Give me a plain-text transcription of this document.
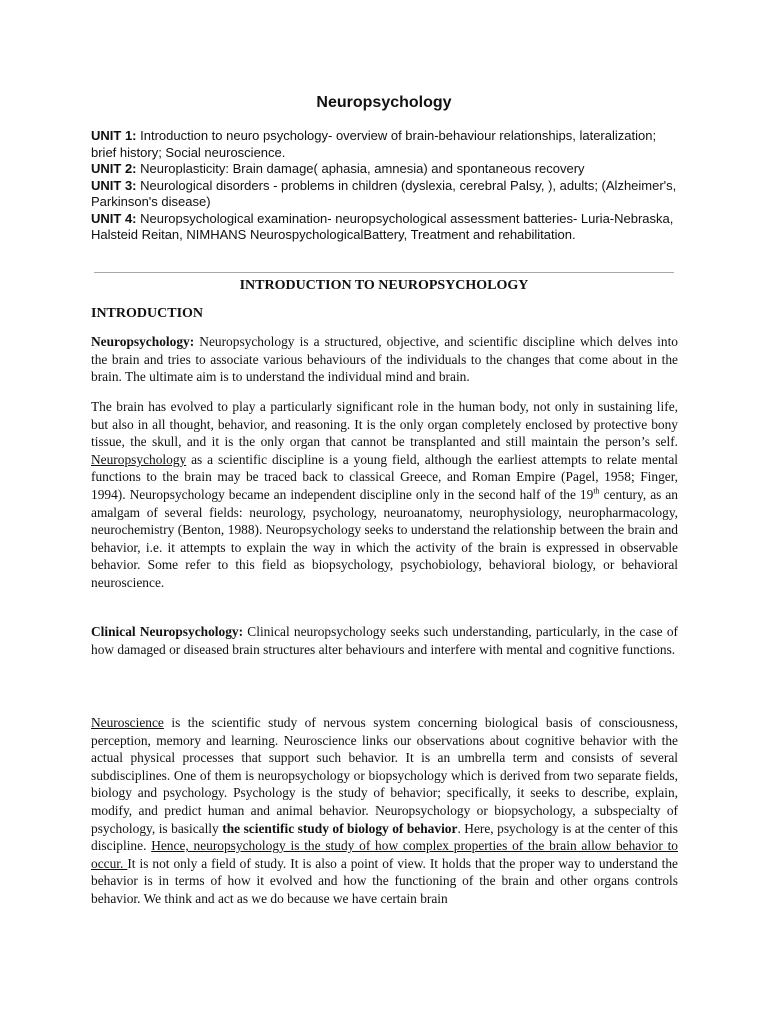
Neuropsychology

UNIT 1: Introduction to neuro psychology- overview of brain-behaviour relationships, lateralization; brief history; Social neuroscience.

UNIT 2: Neuroplasticity: Brain damage( aphasia, amnesia) and spontaneous recovery

UNIT 3: Neurological disorders - problems in children (dyslexia, cerebral Palsy, ), adults; (Alzheimer's, Parkinson's disease)

UNIT 4: Neuropsychological examination- neuropsychological assessment batteries- Luria-Nebraska, Halsteid Reitan, NIMHANS NeurospychologicalBattery, Treatment and rehabilitation.

INTRODUCTION TO NEUROPSYCHOLOGY
INTRODUCTION

Neuropsychology: Neuropsychology is a structured, objective, and scientific discipline which delves into the brain and tries to associate various behaviours of the individuals to the changes that come about in the brain. The ultimate aim is to understand the individual mind and brain.

The brain has evolved to play a particularly significant role in the human body, not only in sustaining life, but also in all thought, behavior, and reasoning. It is the only organ completely enclosed by protective bony tissue, the skull, and it is the only organ that cannot be transplanted and still maintain the person’s self. Neuropsychology as a scientific discipline is a young field, although the earliest attempts to relate mental functions to the brain may be traced back to classical Greece, and Roman Empire (Pagel, 1958; Finger, 1994). Neuropsychology became an independent discipline only in the second half of the 19th century, as an amalgam of several fields: neurology, psychology, neuroanatomy, neurophysiology, neuropharmacology, neurochemistry (Benton, 1988). Neuropsychology seeks to understand the relationship between the brain and behavior, i.e. it attempts to explain the way in which the activity of the brain is expressed in observable behavior. Some refer to this field as biopsychology, psychobiology, behavioral biology, or behavioral neuroscience.

Clinical Neuropsychology: Clinical neuropsychology seeks such understanding, particularly, in the case of how damaged or diseased brain structures alter behaviours and interfere with mental and cognitive functions.

Neuroscience is the scientific study of nervous system concerning biological basis of consciousness, perception, memory and learning. Neuroscience links our observations about cognitive behavior with the actual physical processes that support such behavior. It is an umbrella term and consists of several subdisciplines. One of them is neuropsychology or biopsychology which is derived from two separate fields, biology and psychology. Psychology is the study of behavior; specifically, it seeks to describe, explain, modify, and predict human and animal behavior. Neuropsychology or biopsychology, a subspecialty of psychology, is basically the scientific study of biology of behavior. Here, psychology is at the center of this discipline. Hence, neuropsychology is the study of how complex properties of the brain allow behavior to occur. It is not only a field of study. It is also a point of view. It holds that the proper way to understand the behavior is in terms of how it evolved and how the functioning of the brain and other organs controls behavior. We think and act as we do because we have certain brain
